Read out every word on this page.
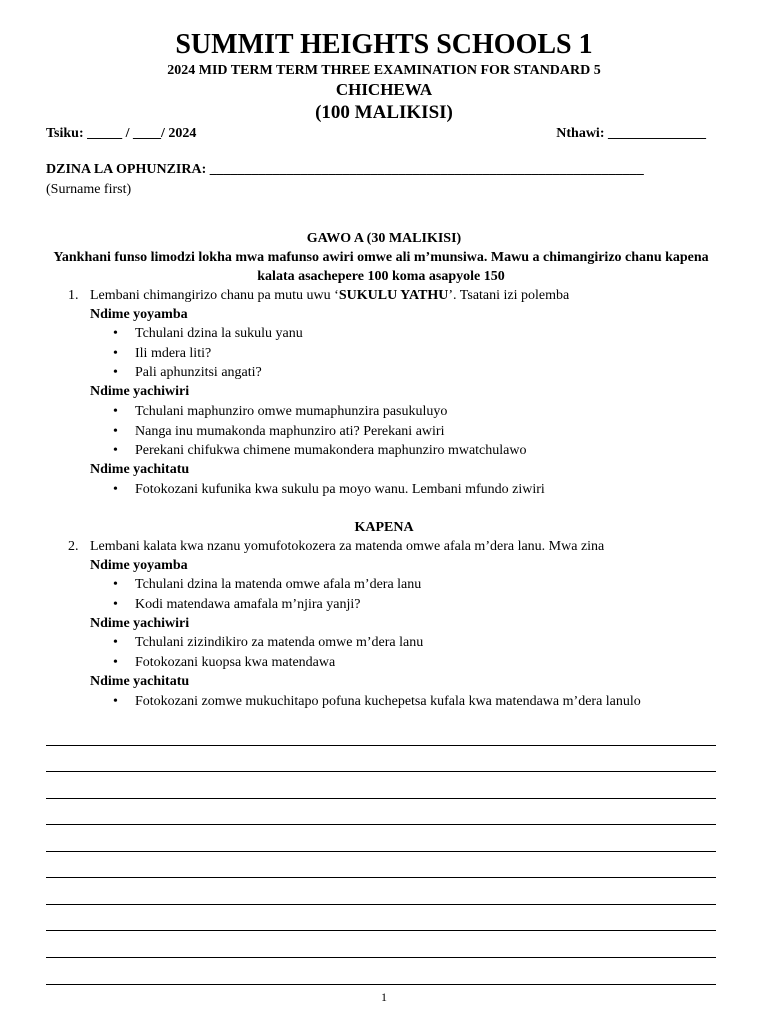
SUMMIT HEIGHTS SCHOOLS 1
2024 MID TERM TERM THREE EXAMINATION FOR STANDARD 5
CHICHEWA
(100 MALIKISI)
Tsiku: _____ / ____/ 2024	Nthawi: ______________
DZINA LA OPHUNZIRA: ______________________________________________________________
(Surname first)
GAWO A (30 MALIKISI)
Yankhani funso limodzi lokha mwa mafunso awiri omwe ali m’munsiwa. Mawu a chimangirizo chanu kapena kalata asachepere 100 koma asapyole 150
1. Lembani chimangirizo chanu pa mutu uwu ‘SUKULU YATHU’. Tsatani izi polemba
Ndime yoyamba
• Tchulani dzina la sukulu yanu
• Ili mdera liti?
• Pali aphunzitsi angati?
Ndime yachiwiri
• Tchulani maphunziro omwe mumaphunzira pasukuluyo
• Nanga inu mumakonda maphunziro ati? Perekani awiri
• Perekani chifukwa chimene mumakondera maphunziro mwatchulawo
Ndime yachitatu
• Fotokozani kufunika kwa sukulu pa moyo wanu. Lembani mfundo ziwiri
KAPENA
2. Lembani kalata kwa nzanu yomufotokozera za matenda omwe afala m’dera lanu. Mwa zina
Ndime yoyamba
• Tchulani dzina la matenda omwe afala m’dera lanu
• Kodi matendawa amafala m’njira yanji?
Ndime yachiwiri
• Tchulani zizindikiro za matenda omwe m’dera lanu
• Fotokozani kuopsa kwa matendawa
Ndime yachitatu
• Fotokozani zomwe mukuchitapo pofuna kuchepetsa kufala kwa matendawa m’dera lanulo
1
